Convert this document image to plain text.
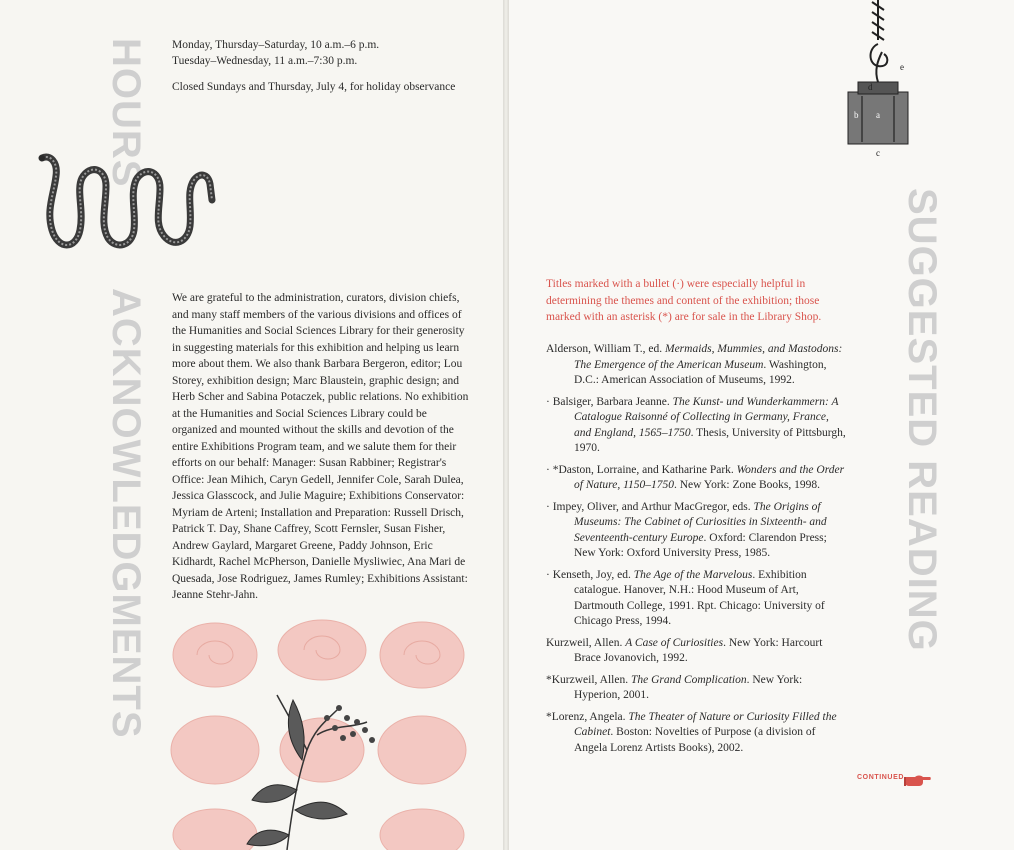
HOURS
ACKNOWLEDGMENTS	SUGGESTED READING

Monday, Thursday–Saturday, 10 a.m.–6 p.m.

Tuesday–Wednesday, 11 a.m.–7:30 p.m.

Closed Sundays and Thursday, July 4, for holiday observance

We are grateful to the administration, curators, division chiefs, and many staff members of the various divisions and offices of the Humanities and Social Sciences Library for their generosity in suggesting materials for this exhibition and helping us learn more about them. We also thank Barbara Bergeron, editor; Lou Storey, exhibition design; Marc Blaustein, graphic design; and Herb Scher and Sabina Potaczek, public relations. No exhibition at the Humanities and Social Sciences Library could be organized and mounted without the skills and devotion of the entire Exhibitions Program team, and we salute them for their efforts on our behalf: Manager: Susan Rabbiner; Registrar's Office: Jean Mihich, Caryn Gedell, Jennifer Cole, Sarah Dulea, Jessica Glasscock, and Julie Maguire; Exhibitions Conservator: Myriam de Arteni; Installation and Preparation: Russell Drisch, Patrick T. Day, Shane Caffrey, Scott Fernsler, Susan Fisher, Andrew Gaylard, Margaret Greene, Paddy Johnson, Eric Kidhardt, Rachel McPherson, Danielle Mysliwiec, Ana Mari de Quesada, Jose Rodriguez, James Rumley; Exhibitions Assistant: Jeanne Stehr-Jahn.
e
d
b a
c
Titles marked with a bullet (·) were especially helpful in determining the themes and content of the exhibition; those marked with an asterisk (*) are for sale in the Library Shop.
Alderson, William T., ed. Mermaids, Mummies, and Mastodons: The Emergence of the American Museum. Washington, D.C.: American Association of Museums, 1992.
· Balsiger, Barbara Jeanne. The Kunst- und Wunderkammern: A Catalogue Raisonné of Collecting in Germany, France, and England, 1565–1750. Thesis, University of Pittsburgh, 1970.
· *Daston, Lorraine, and Katharine Park. Wonders and the Order of Nature, 1150–1750. New York: Zone Books, 1998.
· Impey, Oliver, and Arthur MacGregor, eds. The Origins of Museums: The Cabinet of Curiosities in Sixteenth- and Seventeenth-century Europe. Oxford: Clarendon Press; New York: Oxford University Press, 1985.
· Kenseth, Joy, ed. The Age of the Marvelous. Exhibition catalogue. Hanover, N.H.: Hood Museum of Art, Dartmouth College, 1991. Rpt. Chicago: University of Chicago Press, 1994.
Kurzweil, Allen. A Case of Curiosities. New York: Harcourt Brace Jovanovich, 1992.
*Kurzweil, Allen. The Grand Complication. New York: Hyperion, 2001.
*Lorenz, Angela. The Theater of Nature or Curiosity Filled the Cabinet. Boston: Novelties of Purpose (a division of Angela Lorenz Artists Books), 2002.
CONTINUED
